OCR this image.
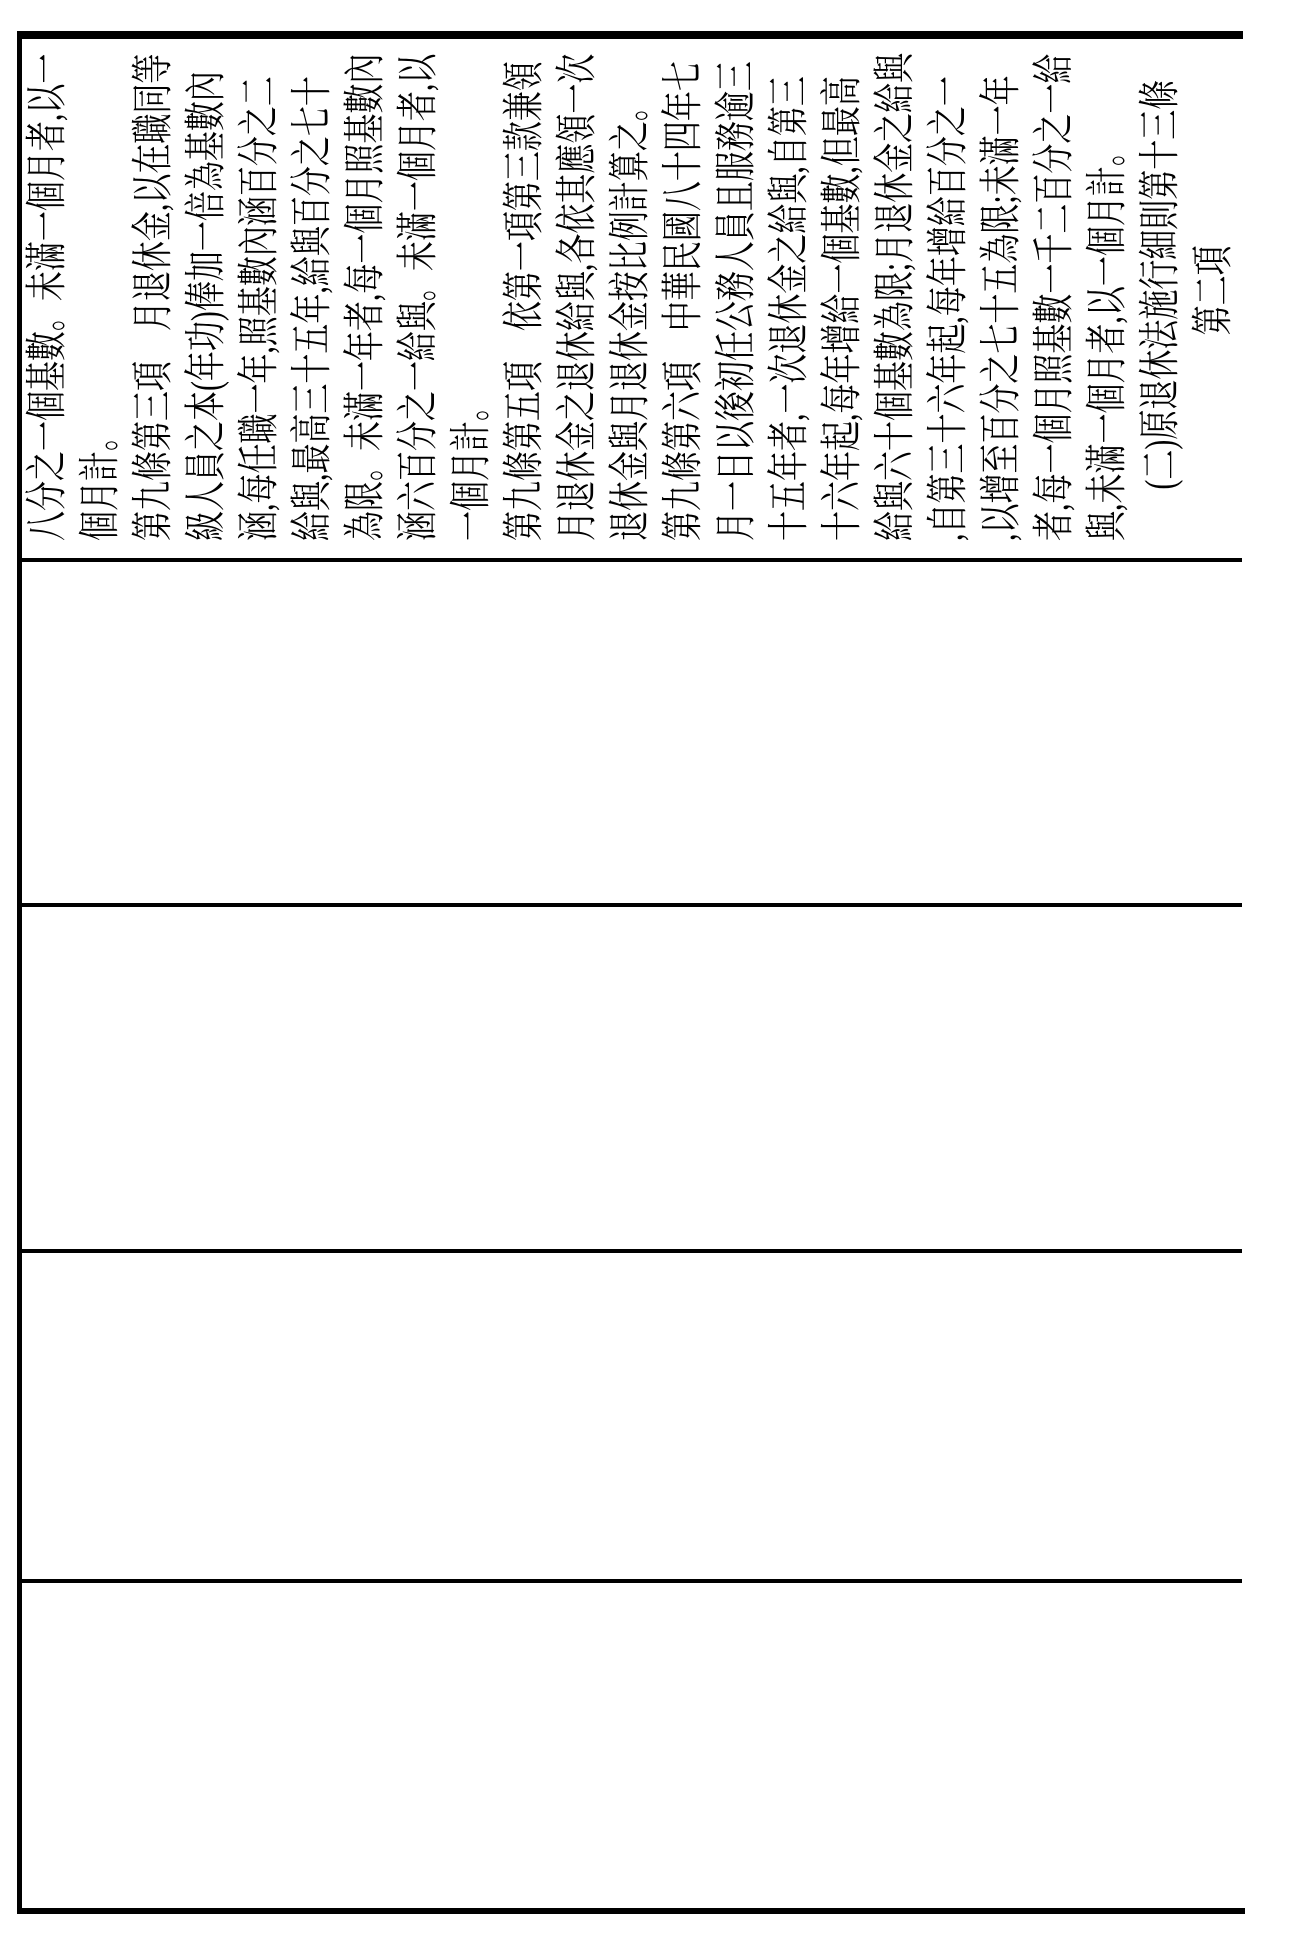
八分之一個基數。未滿一個月者,以一 個月計。 第九條第三項　月退休金,以在職同等 級人員之本(年功)俸加一倍為基數內 涵,每任職一年,照基數內涵百分之二 給與,最高三十五年,給與百分之七十 為限。未滿一年者,每一個月照基數內 涵六百分之一給與。未滿一個月者,以 一個月計。 第九條第五項　依第一項第三款兼領 月退休金之退休給與,各依其應領一次 退休金與月退休金按比例計算之。 第九條第六項　中華民國八十四年七 月一日以後初任公務人員且服務逾三 十五年者,一次退休金之給與,自第三 十六年起,每年增給一個基數,但最高 給與六十個基數為限;月退休金之給與 ,自第三十六年起,每年增給百分之一 ,以增至百分之七十五為限;未滿一年 者,每一個月照基數一千二百分之一給 與,未滿一個月者,以一個月計。 (二)原退休法施行細則第十三條 第二項
